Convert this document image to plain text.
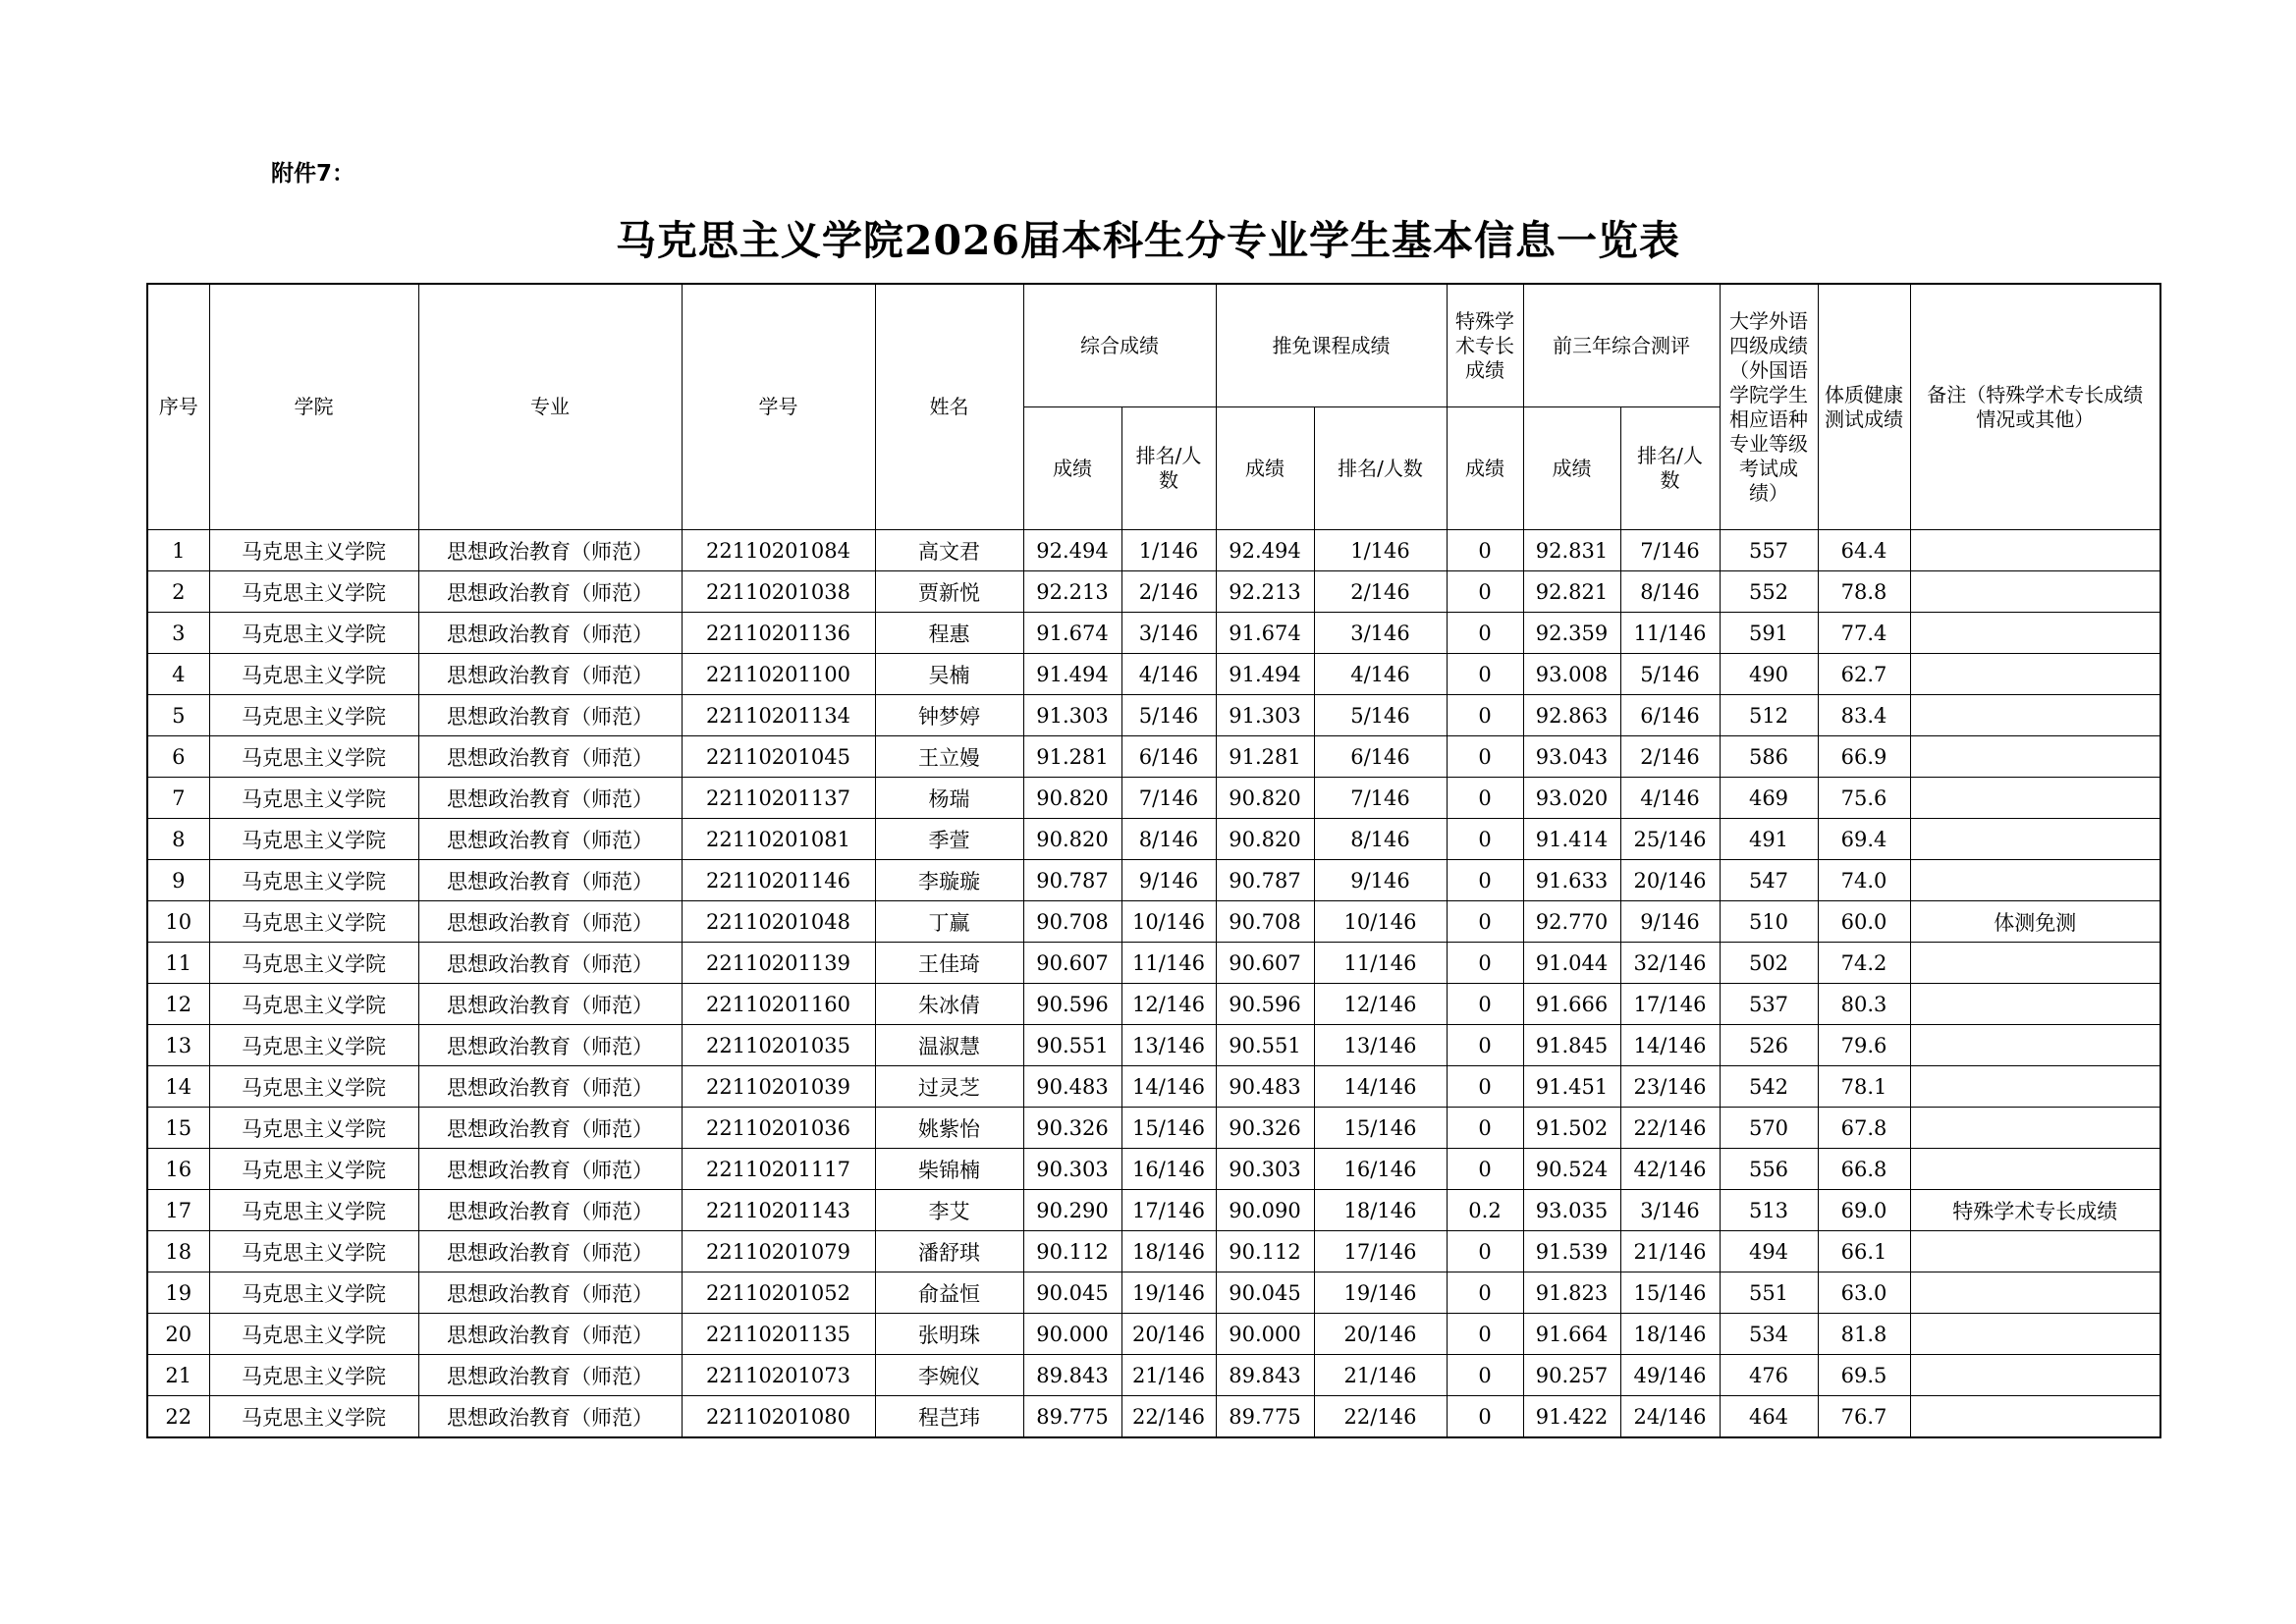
附件7：
马克思主义学院2026届本科生分专业学生基本信息一览表
序号	学院	专业	学号	姓名	综合成绩		推免课程成绩		特殊学术专长成绩	前三年综合测评		大学外语四级成绩（外国语学院学生相应语种专业等级考试成绩）	体质健康测试成绩	备注（特殊学术专长成绩情况或其他）
					成绩	排名/人数	成绩	排名/人数	成绩	成绩	排名/人数			
1	马克思主义学院	思想政治教育（师范）	22110201084	高文君	92.494	1/146	92.494	1/146	0	92.831	7/146	557	64.4	
2	马克思主义学院	思想政治教育（师范）	22110201038	贾新悦	92.213	2/146	92.213	2/146	0	92.821	8/146	552	78.8	
3	马克思主义学院	思想政治教育（师范）	22110201136	程惠	91.674	3/146	91.674	3/146	0	92.359	11/146	591	77.4	
4	马克思主义学院	思想政治教育（师范）	22110201100	吴楠	91.494	4/146	91.494	4/146	0	93.008	5/146	490	62.7	
5	马克思主义学院	思想政治教育（师范）	22110201134	钟梦婷	91.303	5/146	91.303	5/146	0	92.863	6/146	512	83.4	
6	马克思主义学院	思想政治教育（师范）	22110201045	王立嫚	91.281	6/146	91.281	6/146	0	93.043	2/146	586	66.9	
7	马克思主义学院	思想政治教育（师范）	22110201137	杨瑞	90.820	7/146	90.820	7/146	0	93.020	4/146	469	75.6	
8	马克思主义学院	思想政治教育（师范）	22110201081	季萱	90.820	8/146	90.820	8/146	0	91.414	25/146	491	69.4	
9	马克思主义学院	思想政治教育（师范）	22110201146	李璇璇	90.787	9/146	90.787	9/146	0	91.633	20/146	547	74.0	
10	马克思主义学院	思想政治教育（师范）	22110201048	丁赢	90.708	10/146	90.708	10/146	0	92.770	9/146	510	60.0	体测免测
11	马克思主义学院	思想政治教育（师范）	22110201139	王佳琦	90.607	11/146	90.607	11/146	0	91.044	32/146	502	74.2	
12	马克思主义学院	思想政治教育（师范）	22110201160	朱冰倩	90.596	12/146	90.596	12/146	0	91.666	17/146	537	80.3	
13	马克思主义学院	思想政治教育（师范）	22110201035	温淑慧	90.551	13/146	90.551	13/146	0	91.845	14/146	526	79.6	
14	马克思主义学院	思想政治教育（师范）	22110201039	过灵芝	90.483	14/146	90.483	14/146	0	91.451	23/146	542	78.1	
15	马克思主义学院	思想政治教育（师范）	22110201036	姚紫怡	90.326	15/146	90.326	15/146	0	91.502	22/146	570	67.8	
16	马克思主义学院	思想政治教育（师范）	22110201117	柴锦楠	90.303	16/146	90.303	16/146	0	90.524	42/146	556	66.8	
17	马克思主义学院	思想政治教育（师范）	22110201143	李艾	90.290	17/146	90.090	18/146	0.2	93.035	3/146	513	69.0	特殊学术专长成绩
18	马克思主义学院	思想政治教育（师范）	22110201079	潘舒琪	90.112	18/146	90.112	17/146	0	91.539	21/146	494	66.1	
19	马克思主义学院	思想政治教育（师范）	22110201052	俞益恒	90.045	19/146	90.045	19/146	0	91.823	15/146	551	63.0	
20	马克思主义学院	思想政治教育（师范）	22110201135	张明珠	90.000	20/146	90.000	20/146	0	91.664	18/146	534	81.8	
21	马克思主义学院	思想政治教育（师范）	22110201073	李婉仪	89.843	21/146	89.843	21/146	0	90.257	49/146	476	69.5	
22	马克思主义学院	思想政治教育（师范）	22110201080	程芑玮	89.775	22/146	89.775	22/146	0	91.422	24/146	464	76.7	
